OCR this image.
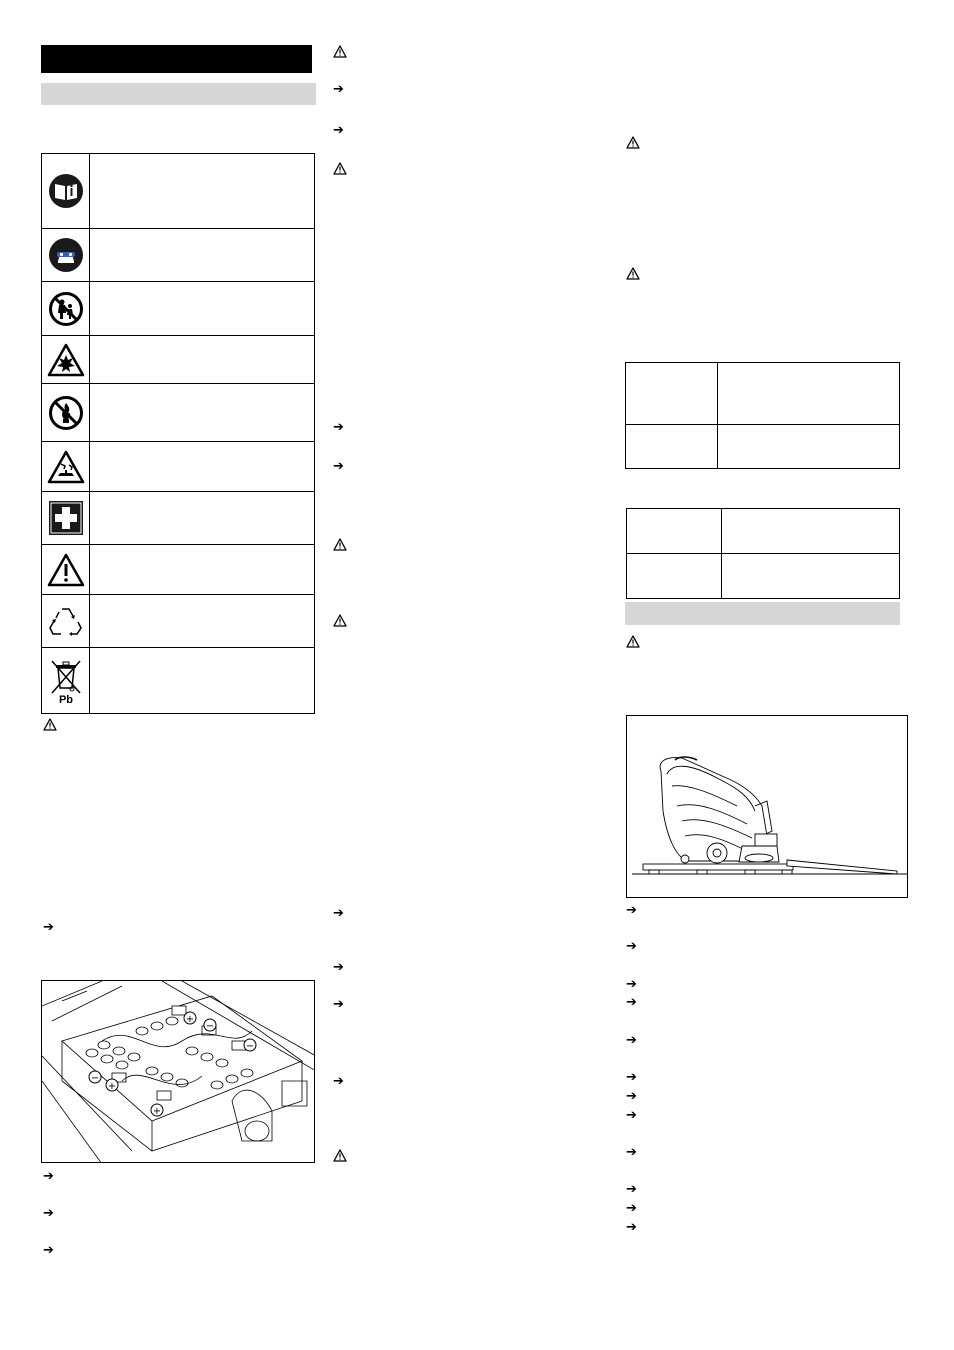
Pb
➔
+
−
−
−
+
+
➔
➔
➔
➔
➔
➔
➔
➔
➔
➔
➔
➔
➔
➔
➔
➔
➔
➔
➔
➔
➔
➔
➔
